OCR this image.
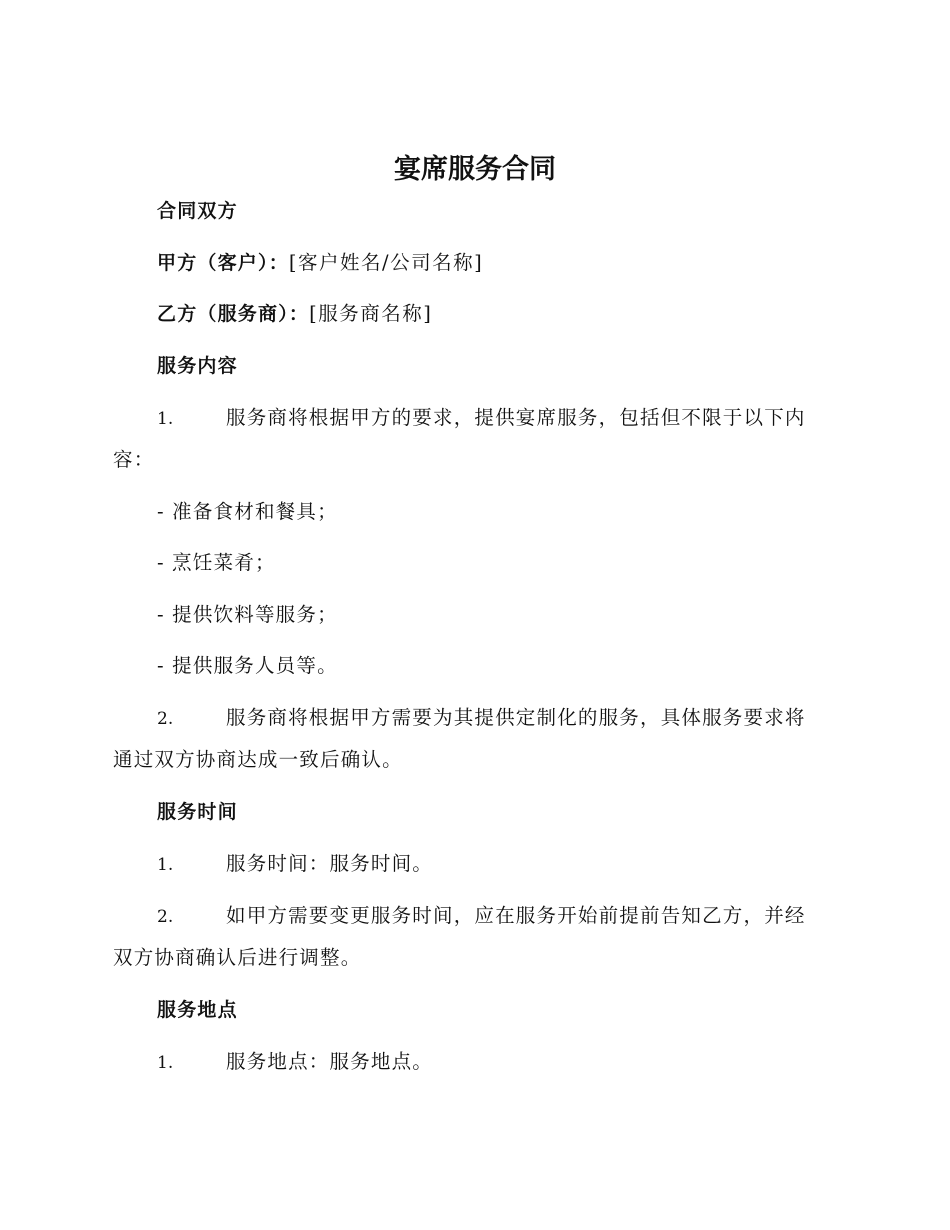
宴席服务合同
合同双方
甲方（客户）：[客户姓名/公司名称]
乙方（服务商）：[服务商名称]
服务内容
1.	服务商将根据甲方的要求，提供宴席服务，包括但不限于以下内
容：
- 准备食材和餐具；
- 烹饪菜肴；
- 提供饮料等服务；
- 提供服务人员等。
2.	服务商将根据甲方需要为其提供定制化的服务，具体服务要求将
通过双方协商达成一致后确认。
服务时间
1.	服务时间：服务时间。
2.	如甲方需要变更服务时间，应在服务开始前提前告知乙方，并经
双方协商确认后进行调整。
服务地点
1.	服务地点：服务地点。
